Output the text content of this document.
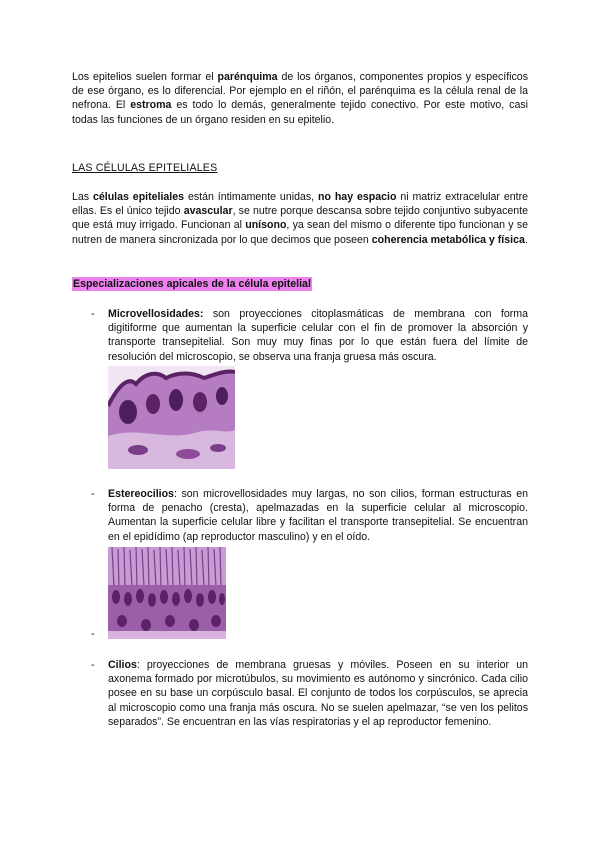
Los epitelios suelen formar el parénquima de los órganos, componentes propios y específicos de ese órgano, es lo diferencial. Por ejemplo en el riñón, el parénquima es la célula renal de la nefrona. El estroma es todo lo demás, generalmente tejido conectivo. Por este motivo, casi todas las funciones de un órgano residen en su epitelio.

LAS CÉLULAS EPITELIALES

Las células epiteliales están íntimamente unidas, no hay espacio ni matriz extracelular entre ellas. Es el único tejido avascular, se nutre porque descansa sobre tejido conjuntivo subyacente que está muy irrigado. Funcionan al unísono, ya sean del mismo o diferente tipo funcionan y se nutren de manera sincronizada por lo que decimos que poseen coherencia metabólica y física.

Especializaciones apicales de la célula epitelial

- Microvellosidades: son proyecciones citoplasmáticas de membrana con forma digitiforme que aumentan la superficie celular con el fin de promover la absorción y transporte transepitelial. Son muy muy finas por lo que están fuera del límite de resolución del microscopio, se observa una franja gruesa más oscura.

- Estereocilios: son microvellosidades muy largas, no son cilios, forman estructuras en forma de penacho (cresta), apelmazadas en la superficie celular al microscopio. Aumentan la superficie celular libre y facilitan el transporte transepitelial. Se encuentran en el epidídimo (ap reproductor masculino) y en el oído.

-
- Cilios: proyecciones de membrana gruesas y móviles. Poseen en su interior un axonema formado por microtúbulos, su movimiento es autónomo y sincrónico. Cada cilio posee en su base un corpúsculo basal. El conjunto de todos los corpúsculos, se aprecia al microscopio como una franja más oscura. No se suelen apelmazar, “se ven los pelitos separados”. Se encuentran en las vías respiratorias y el ap reproductor femenino.
